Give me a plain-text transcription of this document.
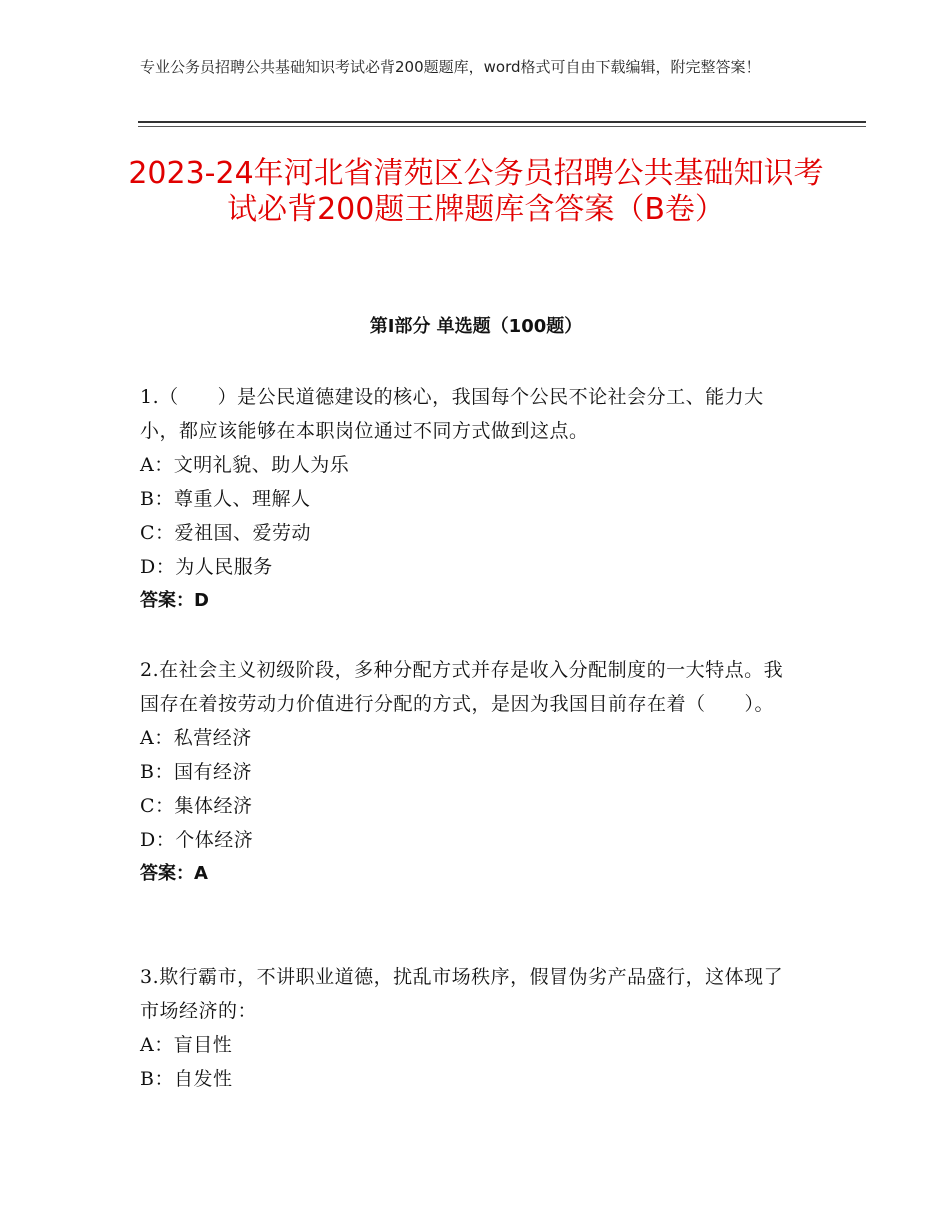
专业公务员招聘公共基础知识考试必背200题题库，word格式可自由下载编辑，附完整答案！
2023-24年河北省清苑区公务员招聘公共基础知识考试必背200题王牌题库含答案（B卷）
第Ⅰ部分 单选题（100题）
1.（　　）是公民道德建设的核心，我国每个公民不论社会分工、能力大小，都应该能够在本职岗位通过不同方式做到这点。
A：文明礼貌、助人为乐
B：尊重人、理解人
C：爱祖国、爱劳动
D：为人民服务
答案：D
2.在社会主义初级阶段，多种分配方式并存是收入分配制度的一大特点。我国存在着按劳动力价值进行分配的方式，是因为我国目前存在着（　　）。
A：私营经济
B：国有经济
C：集体经济
D：个体经济
答案：A
3.欺行霸市，不讲职业道德，扰乱市场秩序，假冒伪劣产品盛行，这体现了市场经济的：
A：盲目性
B：自发性
